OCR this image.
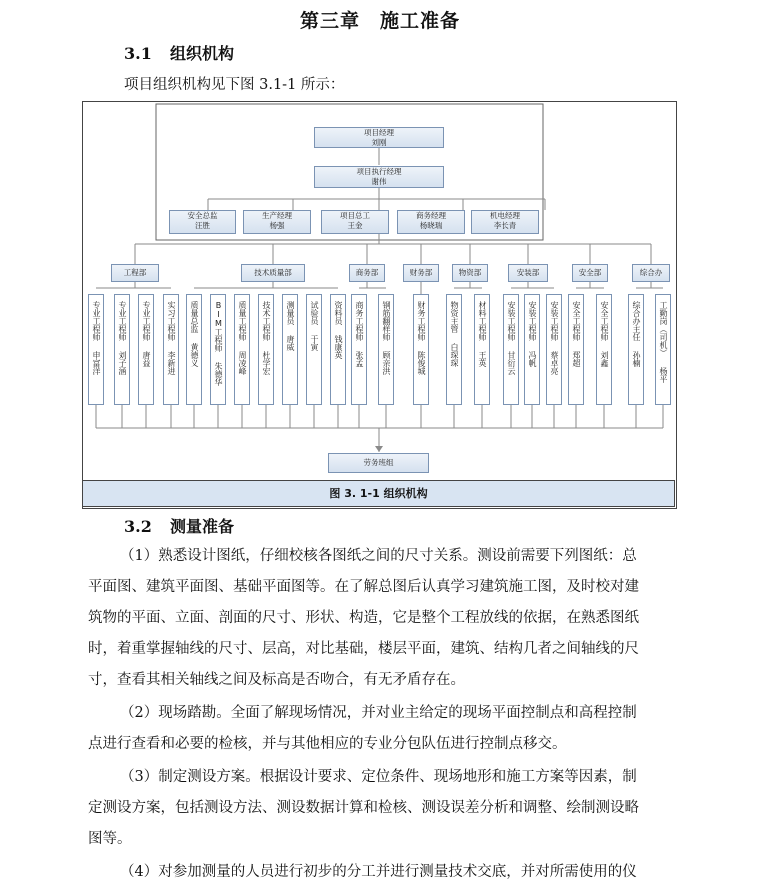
第三章　施工准备
3.1 组织机构
项目组织机构见下图 3.1-1 所示：
项目经理
刘刚
项目执行经理
谢伟
安全总监
汪胜
生产经理
杨强
项目总工
王金
商务经理
杨晓瑞
机电经理
李长青
工程部	技术质量部	商务部	财务部	物资部	安装部	安全部	综合办
专业工程师
申富洋
专业工程师
刘子涵
专业工程师
唐益
实习工程师
李新进
质量总监
黄德义
BIM工程师
朱德华
质量工程师
周凌峰
技术工程师
杜学宏
测量员
唐威
试验员
于寅
资料员
钱康英
商务工程师
张孟
钢筋翻样师
顾亲洪
财务工程师
陈俊城
物资主管
白琛琛
材料工程师
王英
安装工程师
甘衍云
安装工程师
冯帆
安装工程师
蔡卓亮
安全工程师
郑超
安全工程师
刘鑫
综合办主任
孙楠
工勤岗（司机）
杨平
劳务班组
图 3. 1-1 组织机构
3.2 测量准备
（1）熟悉设计图纸，仔细校核各图纸之间的尺寸关系。测设前需要下列图纸：总
平面图、建筑平面图、基础平面图等。在了解总图后认真学习建筑施工图，及时校对建
筑物的平面、立面、剖面的尺寸、形状、构造，它是整个工程放线的依据，在熟悉图纸
时，着重掌握轴线的尺寸、层高，对比基础，楼层平面，建筑、结构几者之间轴线的尺
寸，查看其相关轴线之间及标高是否吻合，有无矛盾存在。
（2）现场踏勘。全面了解现场情况，并对业主给定的现场平面控制点和高程控制
点进行查看和必要的检核，并与其他相应的专业分包队伍进行控制点移交。
（3）制定测设方案。根据设计要求、定位条件、现场地形和施工方案等因素，制
定测设方案，包括测设方法、测设数据计算和检核、测设误差分析和调整、绘制测设略
图等。
（4）对参加测量的人员进行初步的分工并进行测量技术交底，并对所需使用的仪
